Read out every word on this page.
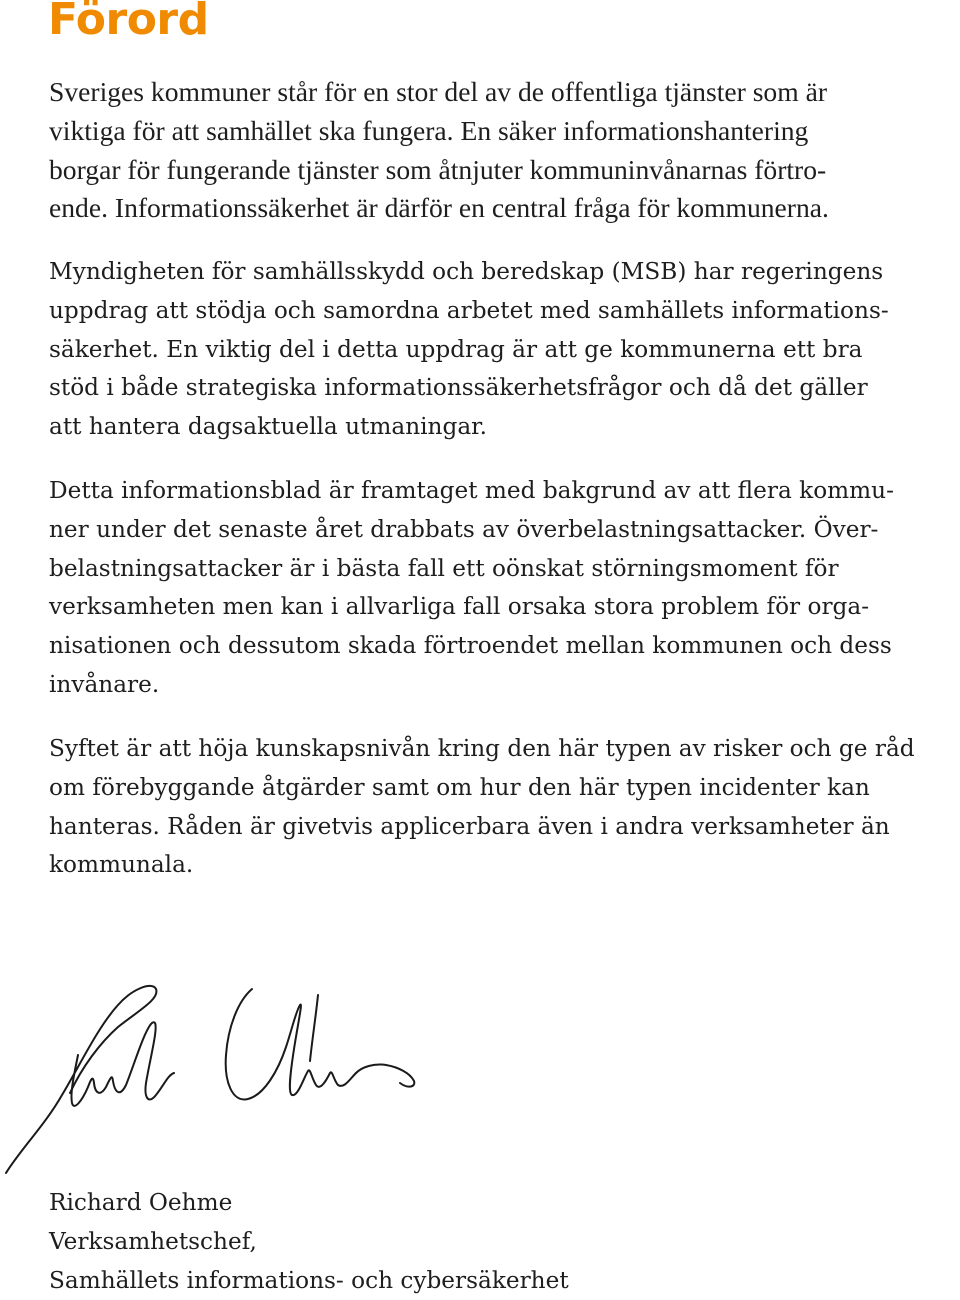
Förord

Sveriges kommuner står för en stor del av de offentliga tjänster som är
viktiga för att samhället ska fungera. En säker informationshantering
borgar för fungerande tjänster som åtnjuter kommuninvånarnas förtro-
ende. Informationssäkerhet är därför en central fråga för kommunerna.

Myndigheten för samhällsskydd och beredskap (MSB) har regeringens
uppdrag att stödja och samordna arbetet med samhällets informations-
säkerhet. En viktig del i detta uppdrag är att ge kommunerna ett bra
stöd i både strategiska informationssäkerhetsfrågor och då det gäller
att hantera dagsaktuella utmaningar.

Detta informationsblad är framtaget med bakgrund av att flera kommu-
ner under det senaste året drabbats av överbelastningsattacker. Över-
belastningsattacker är i bästa fall ett oönskat störningsmoment för
verksamheten men kan i allvarliga fall orsaka stora problem för orga-
nisationen och dessutom skada förtroendet mellan kommunen och dess
invånare.

Syftet är att höja kunskapsnivån kring den här typen av risker och ge råd
om förebyggande åtgärder samt om hur den här typen incidenter kan
hanteras. Råden är givetvis applicerbara även i andra verksamheter än
kommunala.

Richard Oehme
Verksamhetschef,
Samhällets informations- och cybersäkerhet
